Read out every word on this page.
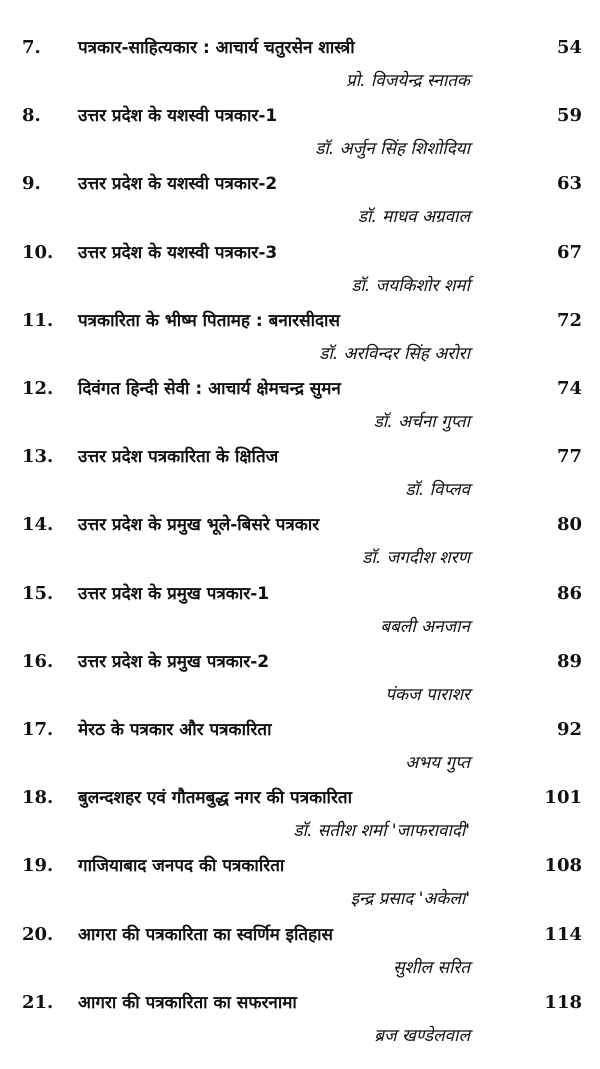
7.	पत्रकार-साहित्यकार : आचार्य चतुरसेन शास्त्री	54
प्रो. विजयेन्द्र स्नातक
8.	उत्तर प्रदेश के यशस्वी पत्रकार-1	59
डॉ. अर्जुन सिंह शिशोदिया
9.	उत्तर प्रदेश के यशस्वी पत्रकार-2	63
डॉ. माधव अग्रवाल
10.	उत्तर प्रदेश के यशस्वी पत्रकार-3	67
डॉ. जयकिशोर शर्मा
11.	पत्रकारिता के भीष्म पितामह : बनारसीदास	72
डॉ. अरविन्दर सिंह अरोरा
12.	दिवंगत हिन्दी सेवी : आचार्य क्षेमचन्द्र सुमन	74
डॉ. अर्चना गुप्ता
13.	उत्तर प्रदेश पत्रकारिता के क्षितिज	77
डॉ. विप्लव
14.	उत्तर प्रदेश के प्रमुख भूले-बिसरे पत्रकार	80
डॉ. जगदीश शरण
15.	उत्तर प्रदेश के प्रमुख पत्रकार-1	86
बबली अनजान
16.	उत्तर प्रदेश के प्रमुख पत्रकार-2	89
पंकज पाराशर
17.	मेरठ के पत्रकार और पत्रकारिता	92
अभय गुप्त
18.	बुलन्दशहर एवं गौतमबुद्ध नगर की पत्रकारिता	101
डॉ. सतीश शर्मा 'जाफरावादी'
19.	गाजियाबाद जनपद की पत्रकारिता	108
इन्द्र प्रसाद 'अकेला'
20.	आगरा की पत्रकारिता का स्वर्णिम इतिहास	114
सुशील सरित
21.	आगरा की पत्रकारिता का सफरनामा	118
ब्रज खण्डेलवाल
